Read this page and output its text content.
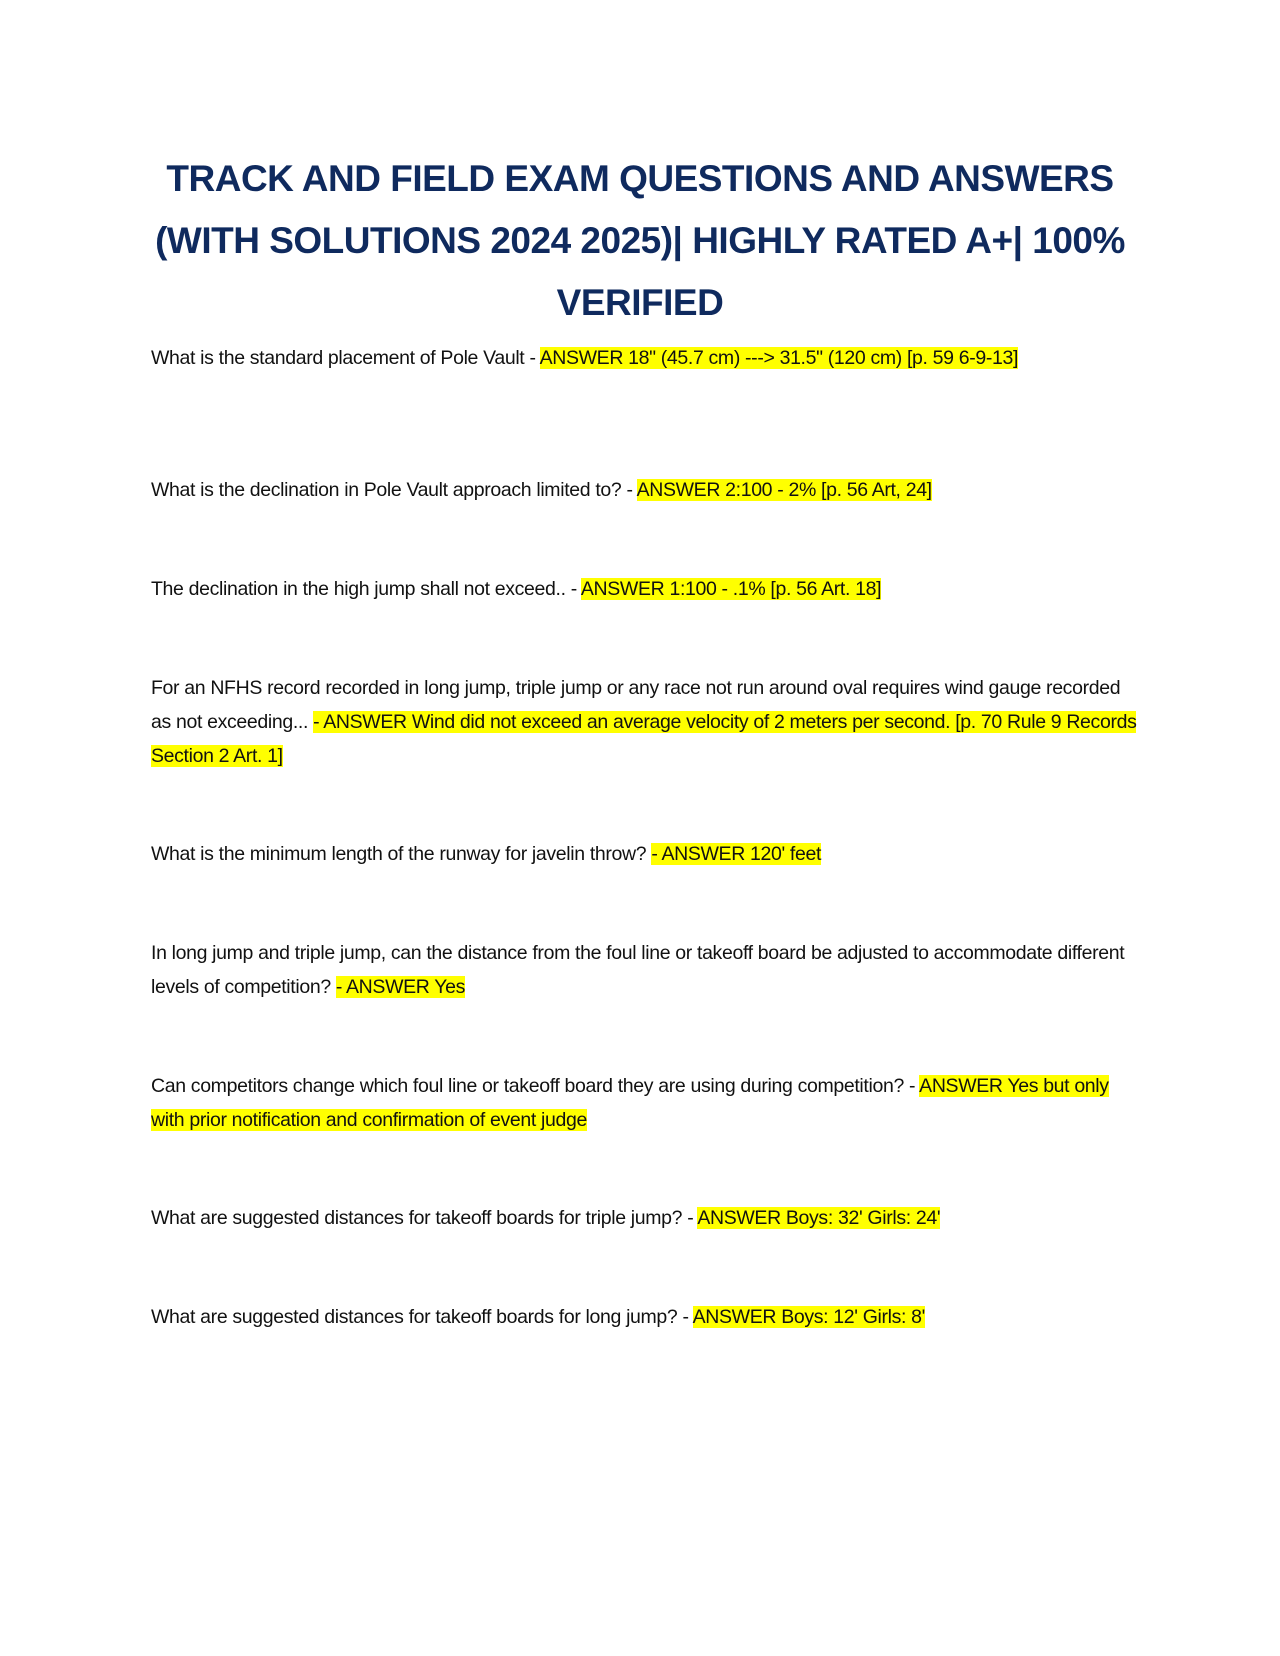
TRACK AND FIELD EXAM QUESTIONS AND ANSWERS (WITH SOLUTIONS 2024 2025)| HIGHLY RATED A+| 100% VERIFIED

What is the standard placement of Pole Vault - ANSWER 18" (45.7 cm) ---> 31.5" (120 cm) [p. 59 6-9-13]

What is the declination in Pole Vault approach limited to? - ANSWER 2:100 - 2% [p. 56 Art, 24]

The declination in the high jump shall not exceed.. - ANSWER 1:100 - .1% [p. 56 Art. 18]

For an NFHS record recorded in long jump, triple jump or any race not run around oval requires wind gauge recorded as not exceeding... - ANSWER Wind did not exceed an average velocity of 2 meters per second. [p. 70 Rule 9 Records Section 2 Art. 1]

What is the minimum length of the runway for javelin throw? - ANSWER 120' feet

In long jump and triple jump, can the distance from the foul line or takeoff board be adjusted to accommodate different levels of competition? - ANSWER Yes

Can competitors change which foul line or takeoff board they are using during competition? - ANSWER Yes but only with prior notification and confirmation of event judge

What are suggested distances for takeoff boards for triple jump? - ANSWER Boys: 32' Girls: 24'

What are suggested distances for takeoff boards for long jump? - ANSWER Boys: 12' Girls: 8'
